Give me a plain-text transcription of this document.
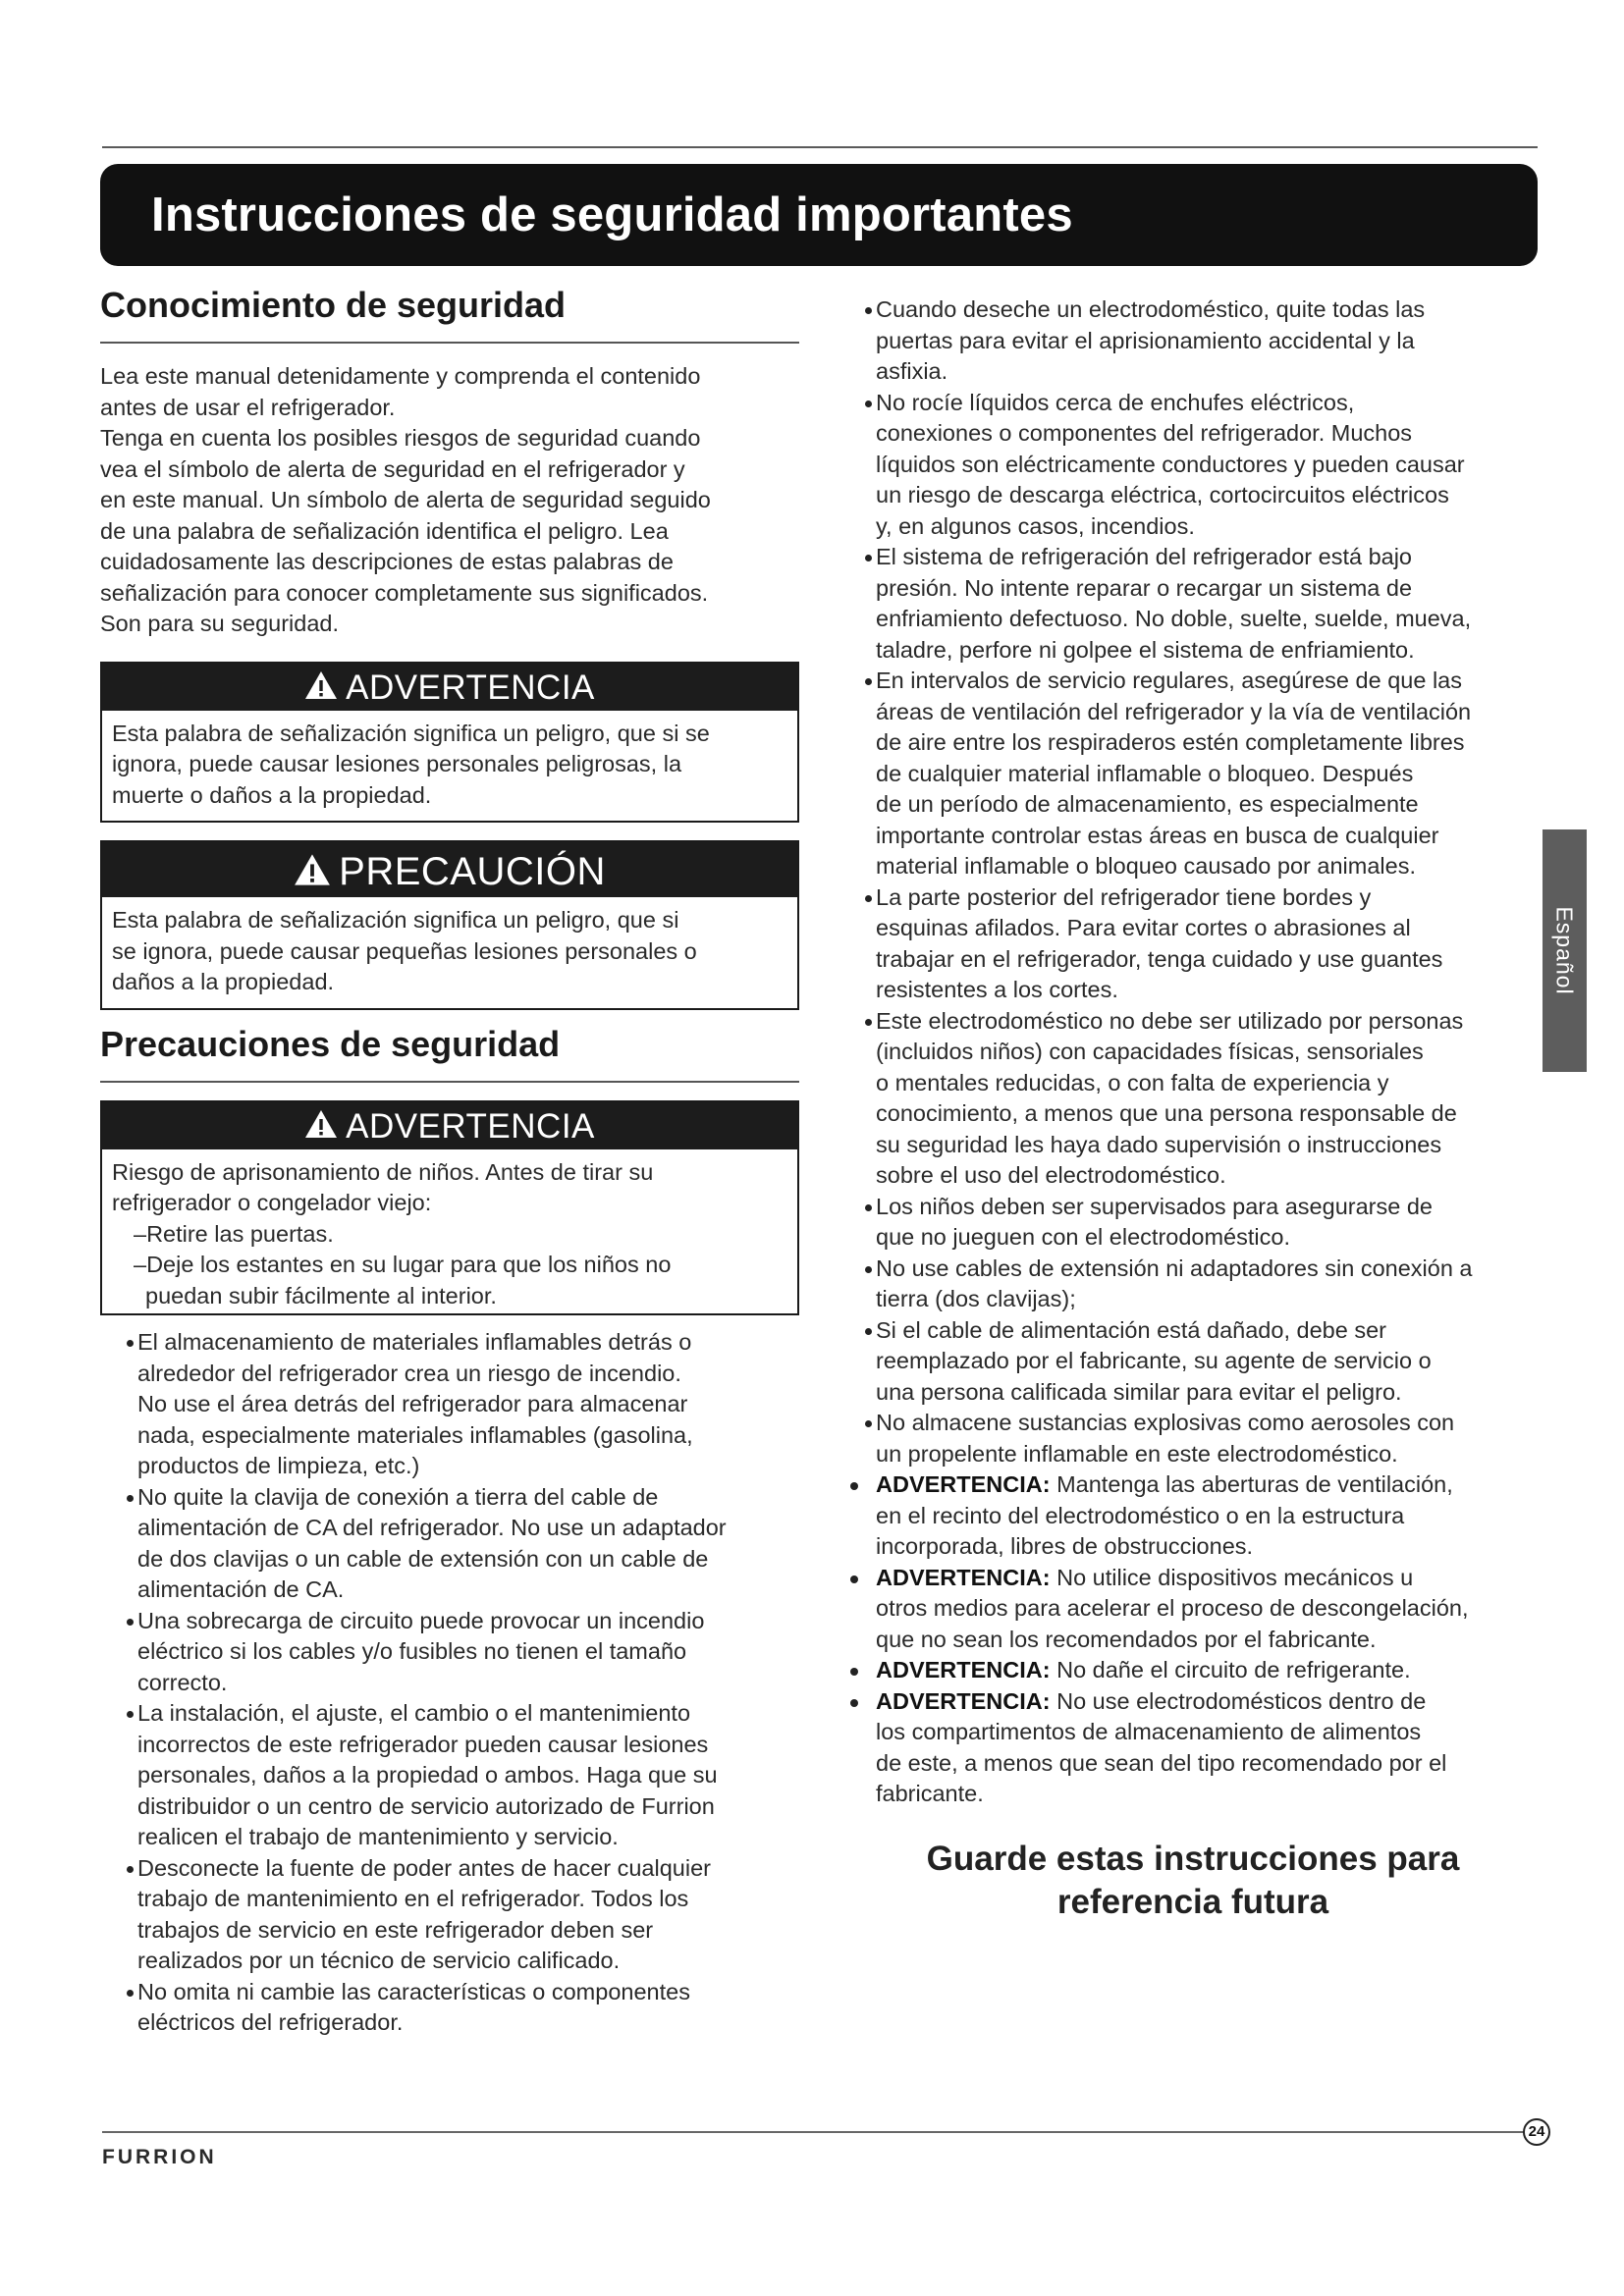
Instrucciones de seguridad importantes
Conocimiento de seguridad
Lea este manual detenidamente y comprenda el contenido
antes de usar el refrigerador.
Tenga en cuenta los posibles riesgos de seguridad cuando
vea el símbolo de alerta de seguridad en el refrigerador y
en este manual. Un símbolo de alerta de seguridad seguido
de una palabra de señalización identifica el peligro. Lea
cuidadosamente las descripciones de estas palabras de
señalización para conocer completamente sus significados.
Son para su seguridad.
ADVERTENCIA
Esta palabra de señalización significa un peligro, que si se
ignora, puede causar lesiones personales peligrosas, la
muerte o daños a la propiedad.
PRECAUCIÓN
Esta palabra de señalización significa un peligro, que si
se ignora, puede causar pequeñas lesiones personales o
daños a la propiedad.
Precauciones de seguridad
ADVERTENCIA
Riesgo de aprisonamiento de niños. Antes de tirar su
refrigerador o congelador viejo:
–Retire las puertas.
–Deje los estantes en su lugar para que los niños no
puedan subir fácilmente al interior.
El almacenamiento de materiales inflamables detrás o
alrededor del refrigerador crea un riesgo de incendio.
No use el área detrás del refrigerador para almacenar
nada, especialmente materiales inflamables (gasolina,
productos de limpieza, etc.)
No quite la clavija de conexión a tierra del cable de
alimentación de CA del refrigerador. No use un adaptador
de dos clavijas o un cable de extensión con un cable de
alimentación de CA.
Una sobrecarga de circuito puede provocar un incendio
eléctrico si los cables y/o fusibles no tienen el tamaño
correcto.
La instalación, el ajuste, el cambio o el mantenimiento
incorrectos de este refrigerador pueden causar lesiones
personales, daños a la propiedad o ambos. Haga que su
distribuidor o un centro de servicio autorizado de Furrion
realicen el trabajo de mantenimiento y servicio.
Desconecte la fuente de poder antes de hacer cualquier
trabajo de mantenimiento en el refrigerador. Todos los
trabajos de servicio en este refrigerador deben ser
realizados por un técnico de servicio calificado.
No omita ni cambie las características o componentes
eléctricos del refrigerador.
Cuando deseche un electrodoméstico, quite todas las
puertas para evitar el aprisionamiento accidental y la
asfixia.
No rocíe líquidos cerca de enchufes eléctricos,
conexiones o componentes del refrigerador. Muchos
líquidos son eléctricamente conductores y pueden causar
un riesgo de descarga eléctrica, cortocircuitos eléctricos
y, en algunos casos, incendios.
El sistema de refrigeración del refrigerador está bajo
presión. No intente reparar o recargar un sistema de
enfriamiento defectuoso. No doble, suelte, suelde, mueva,
taladre, perfore ni golpee el sistema de enfriamiento.
En intervalos de servicio regulares, asegúrese de que las
áreas de ventilación del refrigerador y la vía de ventilación
de aire entre los respiraderos estén completamente libres
de cualquier material inflamable o bloqueo. Después
de un período de almacenamiento, es especialmente
importante controlar estas áreas en busca de cualquier
material inflamable o bloqueo causado por animales.
La parte posterior del refrigerador tiene bordes y
esquinas afilados. Para evitar cortes o abrasiones al
trabajar en el refrigerador, tenga cuidado y use guantes
resistentes a los cortes.
Este electrodoméstico no debe ser utilizado por personas
(incluidos niños) con capacidades físicas, sensoriales
o mentales reducidas, o con falta de experiencia y
conocimiento, a menos que una persona responsable de
su seguridad les haya dado supervisión o instrucciones
sobre el uso del electrodoméstico.
Los niños deben ser supervisados para asegurarse de
que no jueguen con el electrodoméstico.
No use cables de extensión ni adaptadores sin conexión a
tierra (dos clavijas);
Si el cable de alimentación está dañado, debe ser
reemplazado por el fabricante, su agente de servicio o
una persona calificada similar para evitar el peligro.
No almacene sustancias explosivas como aerosoles con
un propelente inflamable en este electrodoméstico.
ADVERTENCIA: Mantenga las aberturas de ventilación,
en el recinto del electrodoméstico o en la estructura
incorporada, libres de obstrucciones.
ADVERTENCIA: No utilice dispositivos mecánicos u
otros medios para acelerar el proceso de descongelación,
que no sean los recomendados por el fabricante.
ADVERTENCIA: No dañe el circuito de refrigerante.
ADVERTENCIA: No use electrodomésticos dentro de
los compartimentos de almacenamiento de alimentos
de este, a menos que sean del tipo recomendado por el
fabricante.
Guarde estas instrucciones para
referencia futura
Español
FURRION
24
